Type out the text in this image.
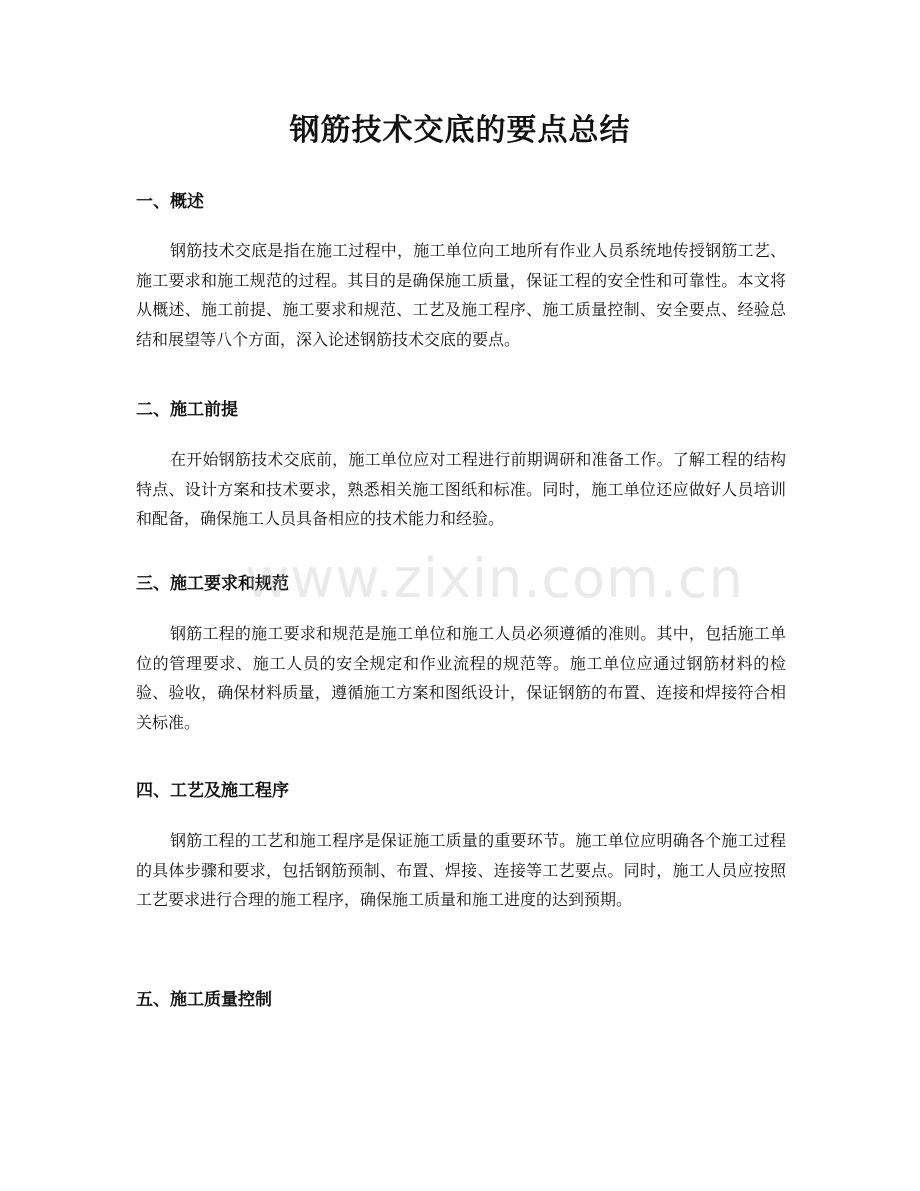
钢筋技术交底的要点总结
一、概述

钢筋技术交底是指在施工过程中，施工单位向工地所有作业人员系统地传授钢筋工艺、施工要求和施工规范的过程。其目的是确保施工质量，保证工程的安全性和可靠性。本文将从概述、施工前提、施工要求和规范、工艺及施工程序、施工质量控制、安全要点、经验总结和展望等八个方面，深入论述钢筋技术交底的要点。

二、施工前提

在开始钢筋技术交底前，施工单位应对工程进行前期调研和准备工作。了解工程的结构特点、设计方案和技术要求，熟悉相关施工图纸和标准。同时，施工单位还应做好人员培训和配备，确保施工人员具备相应的技术能力和经验。

三、施工要求和规范

钢筋工程的施工要求和规范是施工单位和施工人员必须遵循的准则。其中，包括施工单位的管理要求、施工人员的安全规定和作业流程的规范等。施工单位应通过钢筋材料的检验、验收，确保材料质量，遵循施工方案和图纸设计，保证钢筋的布置、连接和焊接符合相关标准。

四、工艺及施工程序

钢筋工程的工艺和施工程序是保证施工质量的重要环节。施工单位应明确各个施工过程的具体步骤和要求，包括钢筋预制、布置、焊接、连接等工艺要点。同时，施工人员应按照工艺要求进行合理的施工程序，确保施工质量和施工进度的达到预期。

五、施工质量控制
www.zixin.com.cn
